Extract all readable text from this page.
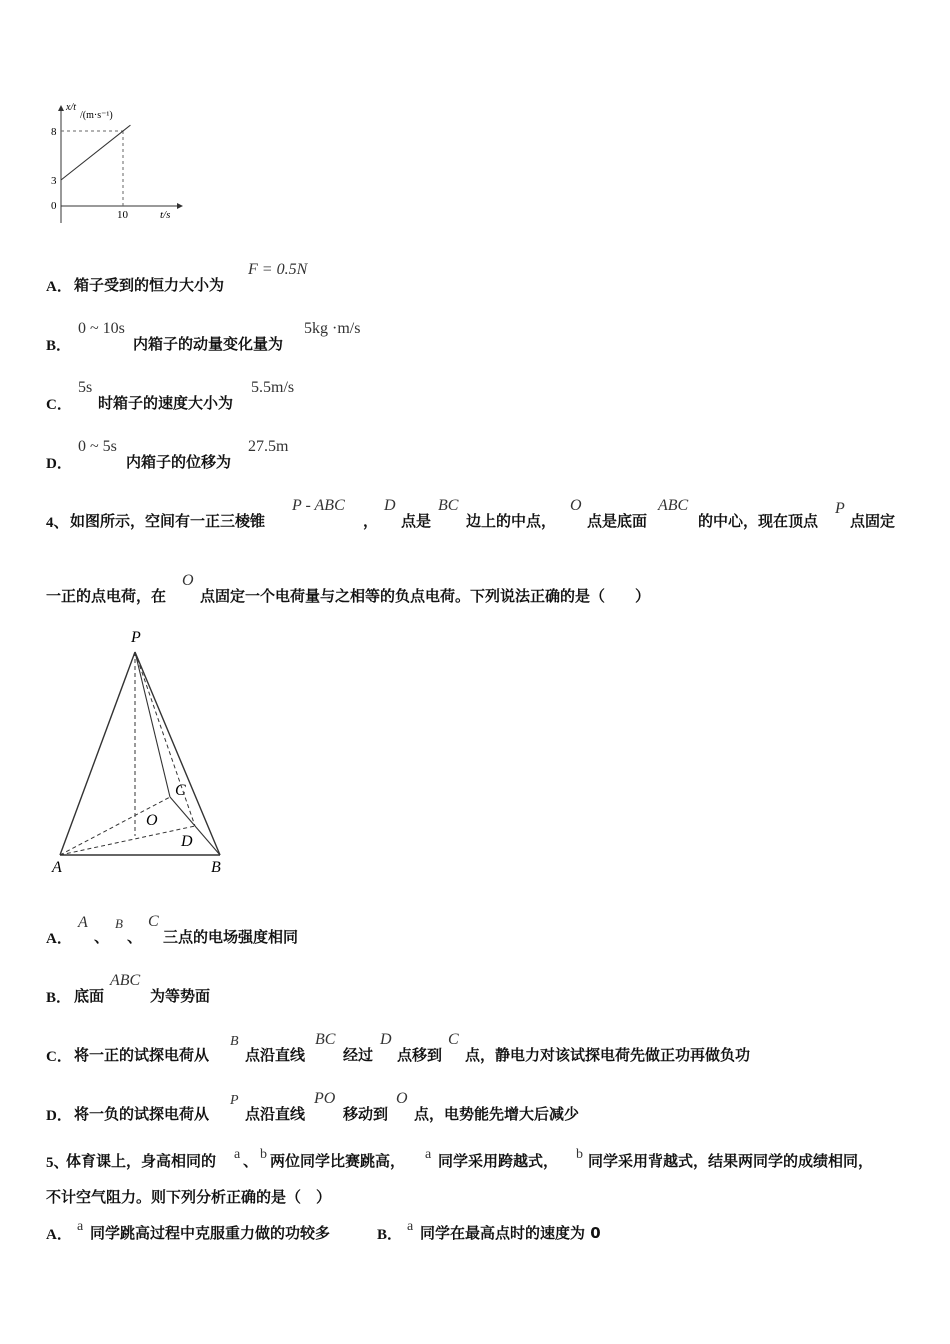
x/t
/(m·s⁻¹)
8
3
0
10	t/s
A． 箱子受到的恒力大小为
F = 0.5N
B．
0 ~ 10s
内箱子的动量变化量为
5kg ·m/s
C．
5s
时箱子的速度大小为
5.5m/s
D．
0 ~ 5s
内箱子的位移为
27.5m
4、 如图所示，空间有一正三棱锥
P - ABC
，
D
点是
BC
边上的中点，
O
点是底面
ABC
的中心，现在顶点
P
点固定
一正的点电荷，在
O
点固定一个电荷量与之相等的负点电荷。下列说法正确的是（　　）
P
A	B
C
O
D
A．
A
、
B
、
C
三点的电场强度相同
B． 底面
ABC
为等势面
C． 将一正的试探电荷从
B
点沿直线
BC
经过
D
点移到
C
点，静电力对该试探电荷先做正功再做负功
D． 将一负的试探电荷从
P
点沿直线
PO
移动到
O
点，电势能先增大后减少
5、
体育课上，身高相同的 a 、 b 两位同学比赛跳高， a 同学采用跨越式， b 同学采用背越式，结果两同学的成绩相同，
不计空气阻力。则下列分析正确的是（　）
A．
a 同学跳高过程中克服重力做的功较多	B．
a 同学在最高点时的速度为 0
